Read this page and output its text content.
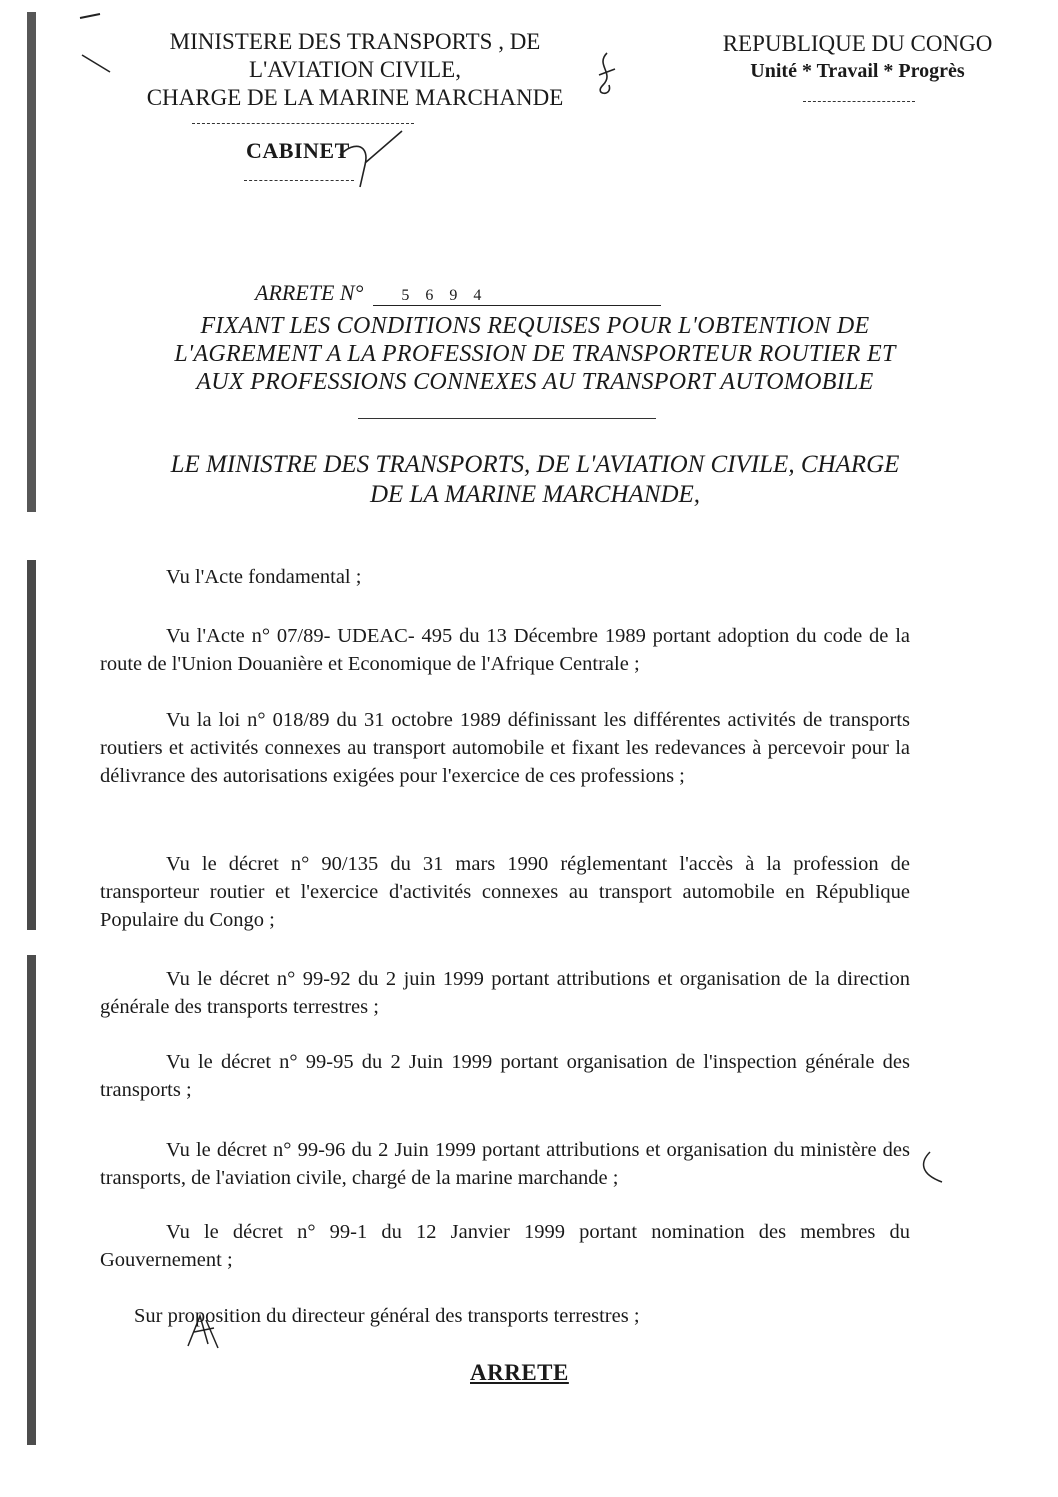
MINISTERE DES TRANSPORTS , DE
L'AVIATION CIVILE,
CHARGE DE LA MARINE MARCHANDE
CABINET
REPUBLIQUE DU CONGO
Unité * Travail * Progrès
ARRETE N° 5 6 9 4
FIXANT LES CONDITIONS REQUISES POUR L'OBTENTION DE
L'AGREMENT A LA PROFESSION DE TRANSPORTEUR ROUTIER ET
AUX PROFESSIONS CONNEXES AU TRANSPORT AUTOMOBILE
LE MINISTRE DES TRANSPORTS, DE L'AVIATION CIVILE, CHARGE
DE LA MARINE MARCHANDE,

Vu l'Acte fondamental ;

Vu l'Acte n° 07/89- UDEAC- 495 du 13 Décembre 1989 portant adoption du code de la route de l'Union Douanière et Economique de l'Afrique Centrale ;

Vu la loi n° 018/89 du 31 octobre 1989 définissant les différentes activités de transports routiers et activités connexes au transport automobile et fixant les redevances à percevoir pour la délivrance des autorisations exigées pour l'exercice de ces professions ;

Vu le décret n° 90/135 du 31 mars 1990 réglementant l'accès à la profession de transporteur routier et l'exercice d'activités connexes au transport automobile en République Populaire du Congo ;

Vu le décret n° 99-92 du 2 juin 1999 portant attributions et organisation de la direction générale des transports terrestres ;

Vu le décret n° 99-95 du 2 Juin 1999 portant organisation de l'inspection générale des transports ;

Vu le décret n° 99-96 du 2 Juin 1999 portant attributions et organisation du ministère des transports, de l'aviation civile, chargé de la marine marchande ;

Vu le décret n° 99-1 du 12 Janvier 1999 portant nomination des membres du Gouvernement ;

Sur proposition du directeur général des transports terrestres ;

ARRETE
